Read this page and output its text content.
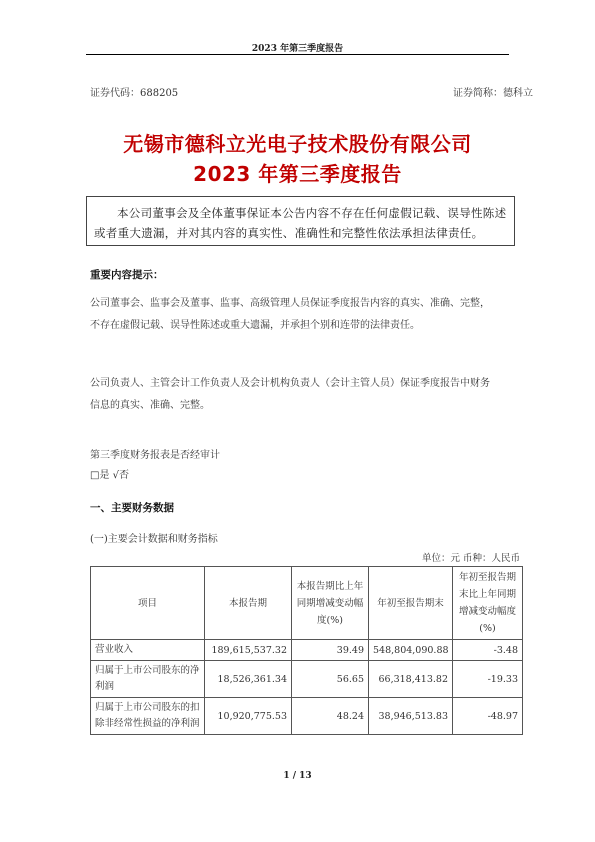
2023 年第三季度报告
证券代码：688205	证券简称：德科立
无锡市德科立光电子技术股份有限公司
2023 年第三季度报告
本公司董事会及全体董事保证本公告内容不存在任何虚假记载、误导性陈述或者重大遗漏，并对其内容的真实性、准确性和完整性依法承担法律责任。
重要内容提示：
公司董事会、监事会及董事、监事、高级管理人员保证季度报告内容的真实、准确、完整，
不存在虚假记载、误导性陈述或重大遗漏，并承担个别和连带的法律责任。
公司负责人、主管会计工作负责人及会计机构负责人（会计主管人员）保证季度报告中财务
信息的真实、准确、完整。
第三季度财务报表是否经审计
□是 √否
一、主要财务数据
(一)主要会计数据和财务指标
单位：元 币种：人民币
项目	本报告期	本报告期比上年同期增减变动幅度(%)	年初至报告期末	年初至报告期末比上年同期增减变动幅度(%)
营业收入	189,615,537.32	39.49	548,804,090.88	-3.48
归属于上市公司股东的净利润	18,526,361.34	56.65	66,318,413.82	-19.33
归属于上市公司股东的扣除非经常性损益的净利润	10,920,775.53	48.24	38,946,513.83	-48.97
1 / 13
